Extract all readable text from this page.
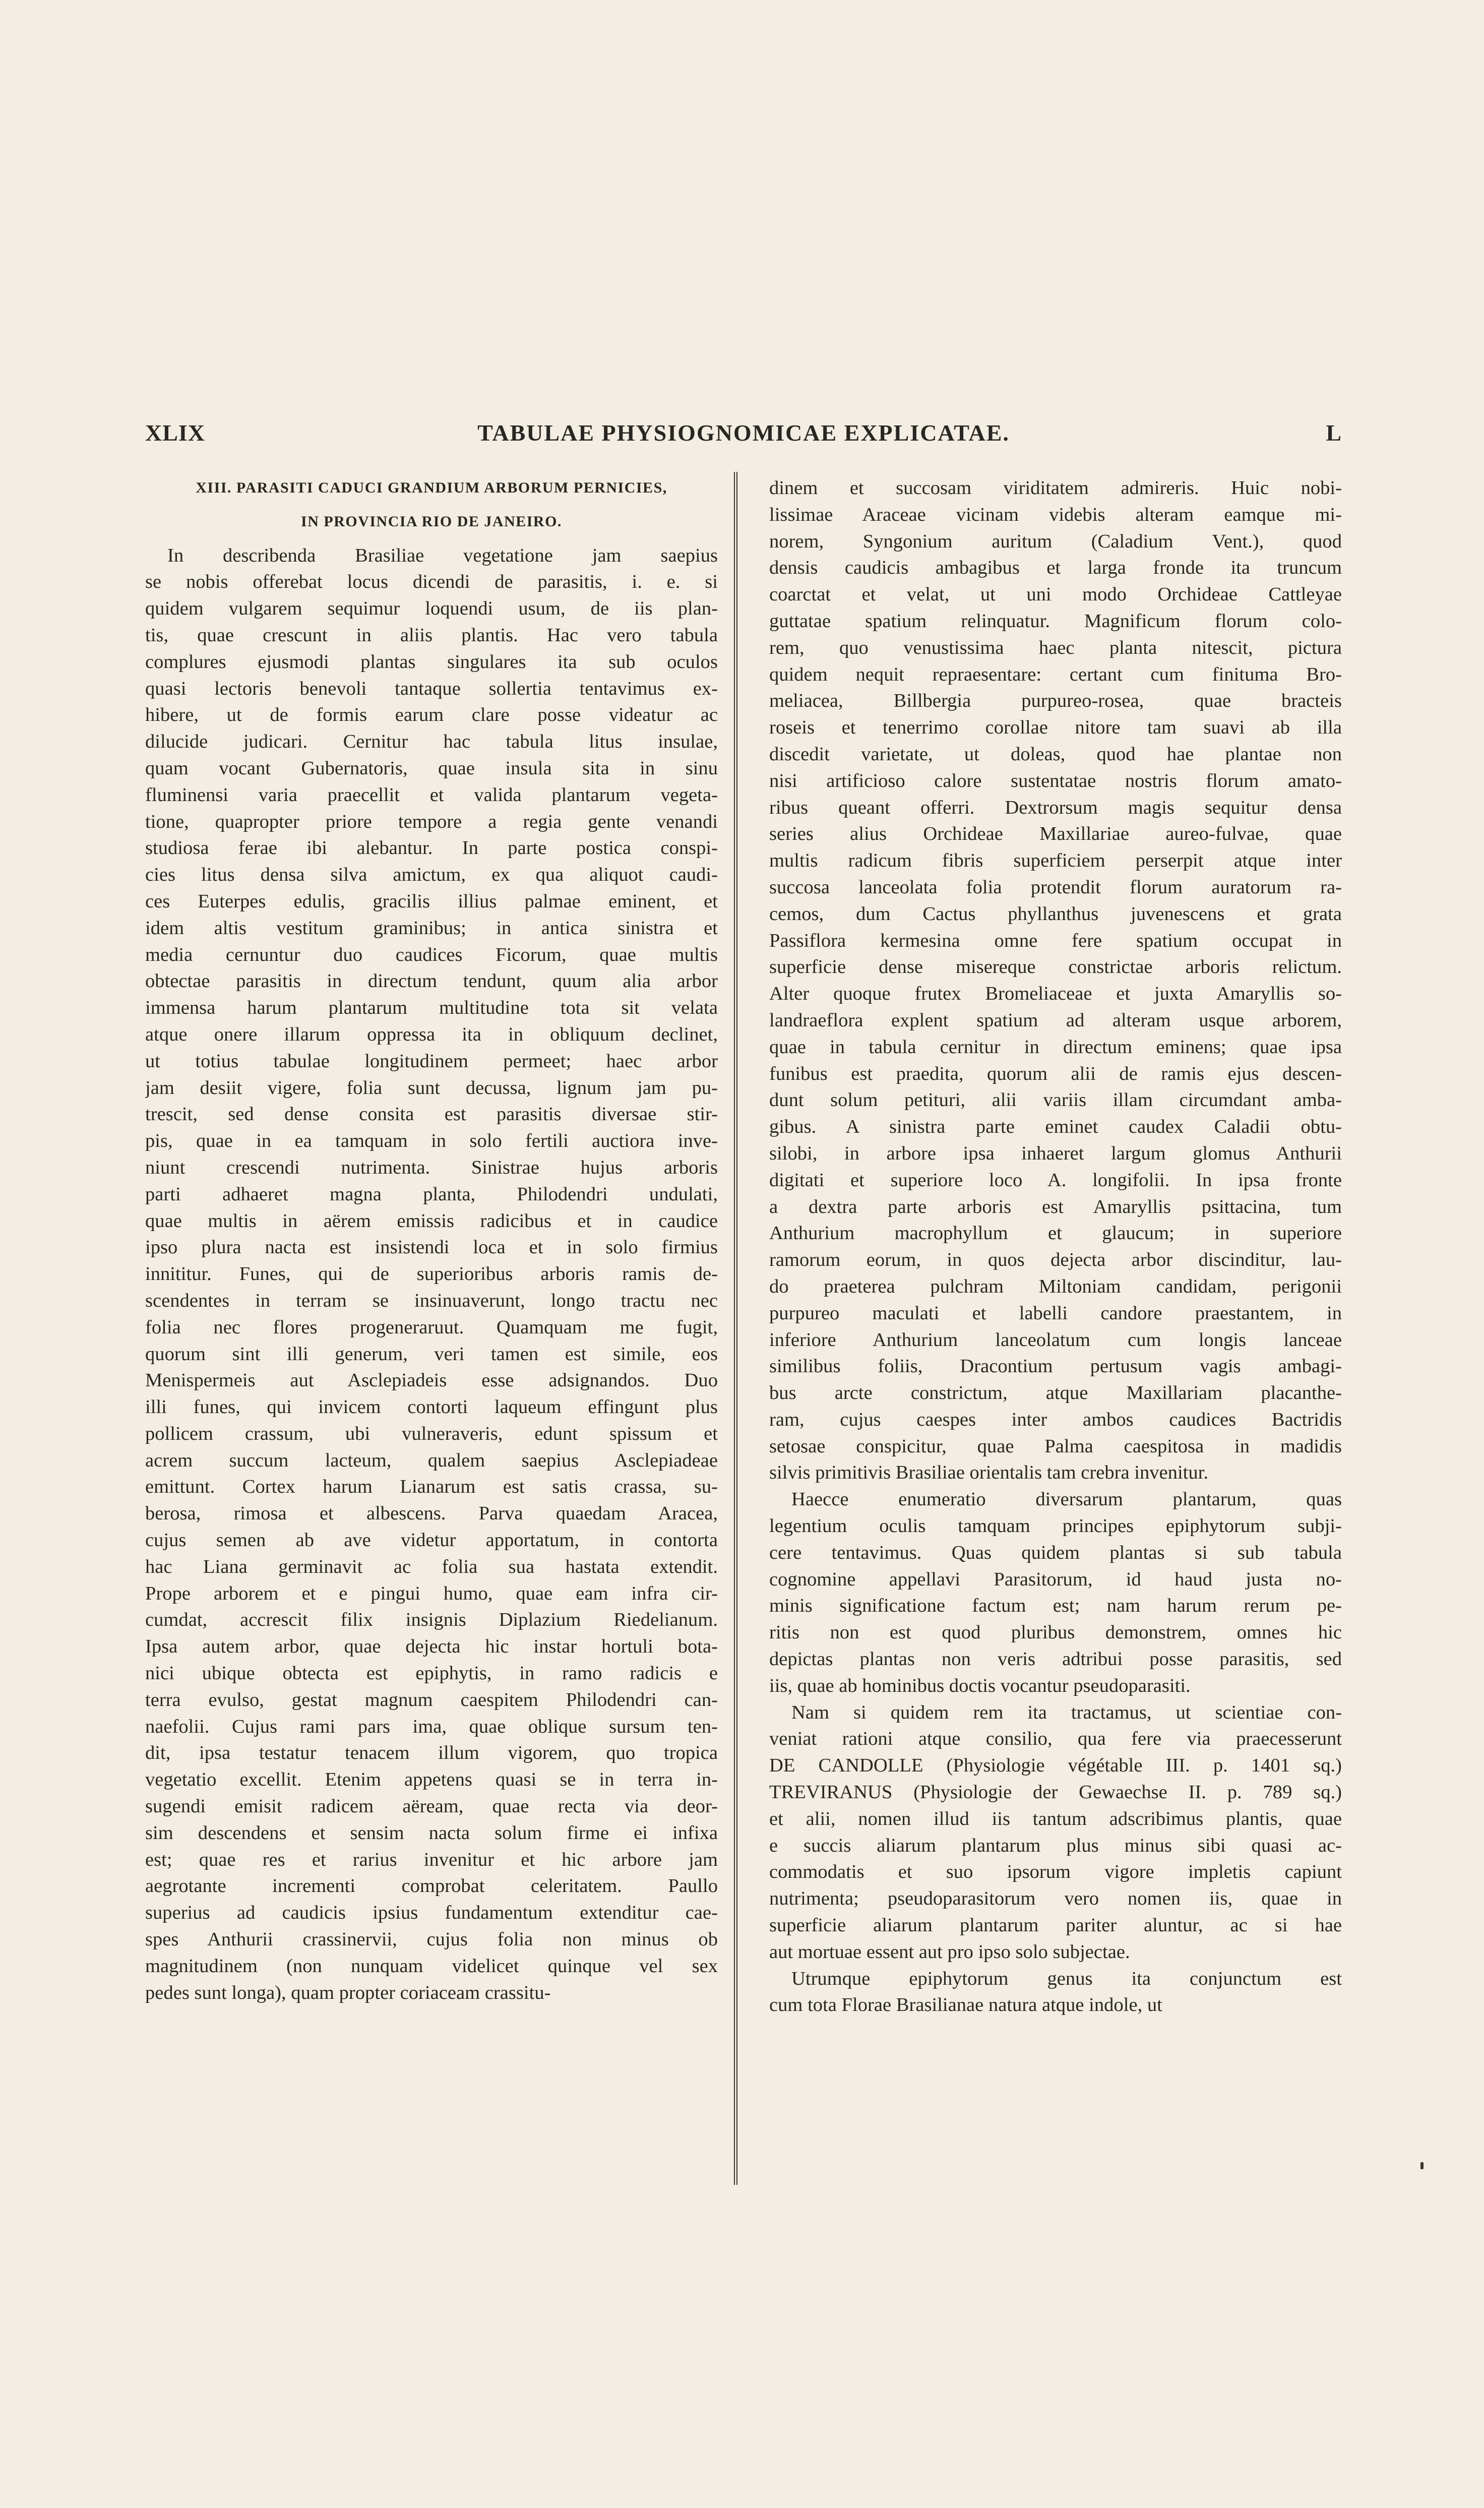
XLIX	TABULAE PHYSIOGNOMICAE EXPLICATAE.	L
XIII. PARASITI CADUCI GRANDIUM ARBORUM PERNICIES,
IN PROVINCIA RIO DE JANEIRO.
In describenda Brasiliae vegetatione jam saepius
se nobis offerebat locus dicendi de parasitis, i. e. si
quidem vulgarem sequimur loquendi usum, de iis plan-
tis, quae crescunt in aliis plantis. Hac vero tabula
complures ejusmodi plantas singulares ita sub oculos
quasi lectoris benevoli tantaque sollertia tentavimus ex-
hibere, ut de formis earum clare posse videatur ac
dilucide judicari. Cernitur hac tabula litus insulae,
quam vocant Gubernatoris, quae insula sita in sinu
fluminensi varia praecellit et valida plantarum vegeta-
tione, quapropter priore tempore a regia gente venandi
studiosa ferae ibi alebantur. In parte postica conspi-
cies litus densa silva amictum, ex qua aliquot caudi-
ces Euterpes edulis, gracilis illius palmae eminent, et
idem altis vestitum graminibus; in antica sinistra et
media cernuntur duo caudices Ficorum, quae multis
obtectae parasitis in directum tendunt, quum alia arbor
immensa harum plantarum multitudine tota sit velata
atque onere illarum oppressa ita in obliquum declinet,
ut totius tabulae longitudinem permeet; haec arbor
jam desiit vigere, folia sunt decussa, lignum jam pu-
trescit, sed dense consita est parasitis diversae stir-
pis, quae in ea tamquam in solo fertili auctiora inve-
niunt crescendi nutrimenta. Sinistrae hujus arboris
parti adhaeret magna planta, Philodendri undulati,
quae multis in aërem emissis radicibus et in caudice
ipso plura nacta est insistendi loca et in solo firmius
innititur. Funes, qui de superioribus arboris ramis de-
scendentes in terram se insinuaverunt, longo tractu nec
folia nec flores progeneraruut. Quamquam me fugit,
quorum sint illi generum, veri tamen est simile, eos
Menispermeis aut Asclepiadeis esse adsignandos. Duo
illi funes, qui invicem contorti laqueum effingunt plus
pollicem crassum, ubi vulneraveris, edunt spissum et
acrem succum lacteum, qualem saepius Asclepiadeae
emittunt. Cortex harum Lianarum est satis crassa, su-
berosa, rimosa et albescens. Parva quaedam Aracea,
cujus semen ab ave videtur apportatum, in contorta
hac Liana germinavit ac folia sua hastata extendit.
Prope arborem et e pingui humo, quae eam infra cir-
cumdat, accrescit filix insignis Diplazium Riedelianum.
Ipsa autem arbor, quae dejecta hic instar hortuli bota-
nici ubique obtecta est epiphytis, in ramo radicis e
terra evulso, gestat magnum caespitem Philodendri can-
naefolii. Cujus rami pars ima, quae oblique sursum ten-
dit, ipsa testatur tenacem illum vigorem, quo tropica
vegetatio excellit. Etenim appetens quasi se in terra in-
sugendi emisit radicem aëream, quae recta via deor-
sim descendens et sensim nacta solum firme ei infixa
est; quae res et rarius invenitur et hic arbore jam
aegrotante incrementi comprobat celeritatem. Paullo
superius ad caudicis ipsius fundamentum extenditur cae-
spes Anthurii crassinervii, cujus folia non minus ob
magnitudinem (non nunquam videlicet quinque vel sex
pedes sunt longa), quam propter coriaceam crassitu-
dinem et succosam viriditatem admireris. Huic nobi-
lissimae Araceae vicinam videbis alteram eamque mi-
norem, Syngonium auritum (Caladium Vent.), quod
densis caudicis ambagibus et larga fronde ita truncum
coarctat et velat, ut uni modo Orchideae Cattleyae
guttatae spatium relinquatur. Magnificum florum colo-
rem, quo venustissima haec planta nitescit, pictura
quidem nequit repraesentare: certant cum finituma Bro-
meliacea, Billbergia purpureo-rosea, quae bracteis
roseis et tenerrimo corollae nitore tam suavi ab illa
discedit varietate, ut doleas, quod hae plantae non
nisi artificioso calore sustentatae nostris florum amato-
ribus queant offerri. Dextrorsum magis sequitur densa
series alius Orchideae Maxillariae aureo-fulvae, quae
multis radicum fibris superficiem perserpit atque inter
succosa lanceolata folia protendit florum auratorum ra-
cemos, dum Cactus phyllanthus juvenescens et grata
Passiflora kermesina omne fere spatium occupat in
superficie dense misereque constrictae arboris relictum.
Alter quoque frutex Bromeliaceae et juxta Amaryllis so-
landraeflora explent spatium ad alteram usque arborem,
quae in tabula cernitur in directum eminens; quae ipsa
funibus est praedita, quorum alii de ramis ejus descen-
dunt solum petituri, alii variis illam circumdant amba-
gibus. A sinistra parte eminet caudex Caladii obtu-
silobi, in arbore ipsa inhaeret largum glomus Anthurii
digitati et superiore loco A. longifolii. In ipsa fronte
a dextra parte arboris est Amaryllis psittacina, tum
Anthurium macrophyllum et glaucum; in superiore
ramorum eorum, in quos dejecta arbor discinditur, lau-
do praeterea pulchram Miltoniam candidam, perigonii
purpureo maculati et labelli candore praestantem, in
inferiore Anthurium lanceolatum cum longis lanceae
similibus foliis, Dracontium pertusum vagis ambagi-
bus arcte constrictum, atque Maxillariam placanthe-
ram, cujus caespes inter ambos caudices Bactridis
setosae conspicitur, quae Palma caespitosa in madidis
silvis primitivis Brasiliae orientalis tam crebra invenitur.
Haecce enumeratio diversarum plantarum, quas
legentium oculis tamquam principes epiphytorum subji-
cere tentavimus. Quas quidem plantas si sub tabula
cognomine appellavi Parasitorum, id haud justa no-
minis significatione factum est; nam harum rerum pe-
ritis non est quod pluribus demonstrem, omnes hic
depictas plantas non veris adtribui posse parasitis, sed
iis, quae ab hominibus doctis vocantur pseudoparasiti.
Nam si quidem rem ita tractamus, ut scientiae con-
veniat rationi atque consilio, qua fere via praecesserunt
DE CANDOLLE (Physiologie végétable III. p. 1401 sq.)
TREVIRANUS (Physiologie der Gewaechse II. p. 789 sq.)
et alii, nomen illud iis tantum adscribimus plantis, quae
e succis aliarum plantarum plus minus sibi quasi ac-
commodatis et suo ipsorum vigore impletis capiunt
nutrimenta; pseudoparasitorum vero nomen iis, quae in
superficie aliarum plantarum pariter aluntur, ac si hae
aut mortuae essent aut pro ipso solo subjectae.
Utrumque epiphytorum genus ita conjunctum est
cum tota Florae Brasilianae natura atque indole, ut
